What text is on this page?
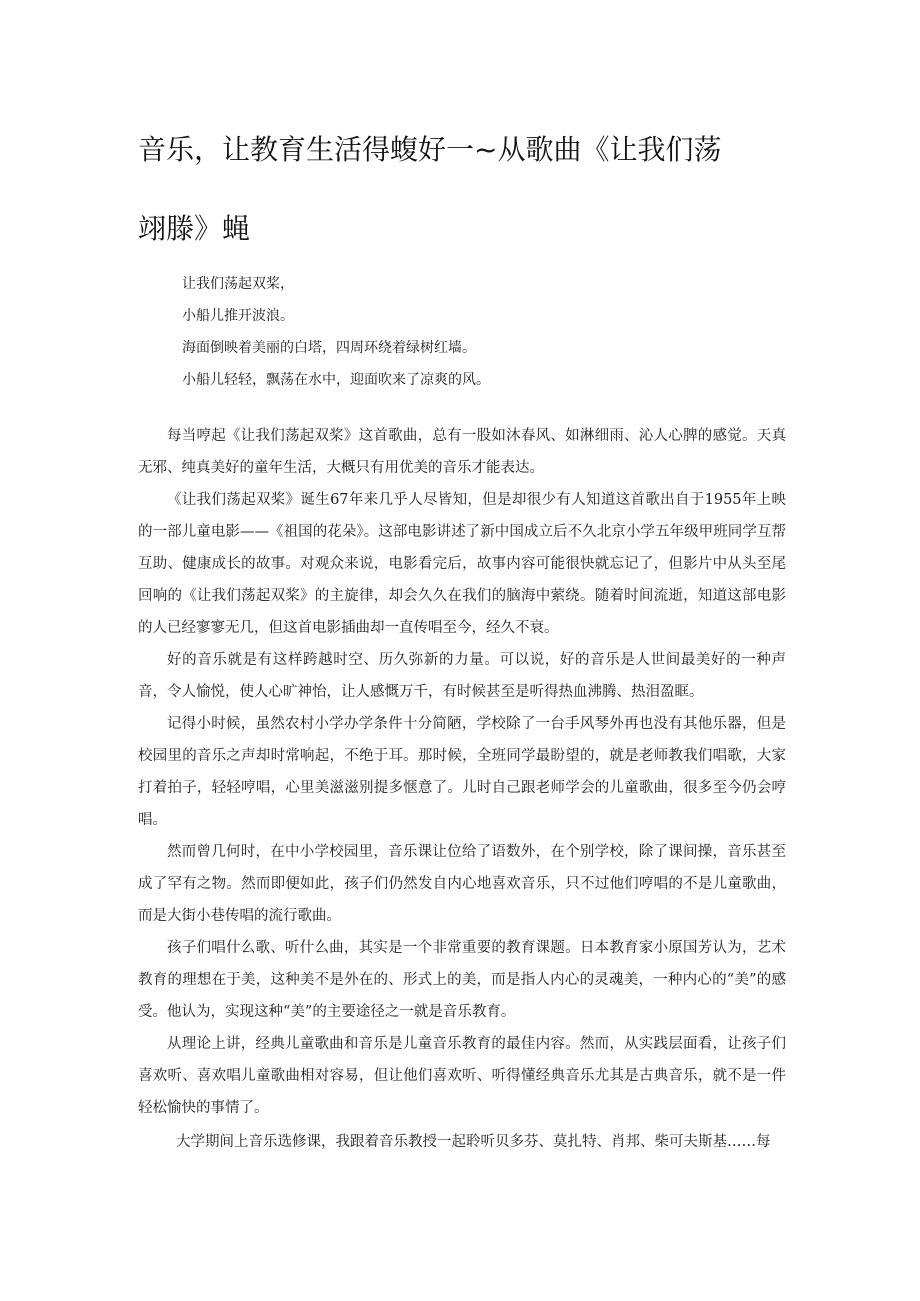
音乐，让教育生活得蝮好一~从歌曲《让我们荡
翊滕》蝇
让我们荡起双桨，
小船儿推开波浪。
海面倒映着美丽的白塔，四周环绕着绿树红墙。
小船儿轻轻，飘荡在水中，迎面吹来了凉爽的风。

每当哼起《让我们荡起双桨》这首歌曲，总有一股如沐春风、如淋细雨、沁人心脾的感觉。天真无邪、纯真美好的童年生活，大概只有用优美的音乐才能表达。

《让我们荡起双桨》诞生67年来几乎人尽皆知，但是却很少有人知道这首歌出自于1955年上映的一部儿童电影——《祖国的花朵》。这部电影讲述了新中国成立后不久北京小学五年级甲班同学互帮互助、健康成长的故事。对观众来说，电影看完后，故事内容可能很快就忘记了，但影片中从头至尾回响的《让我们荡起双桨》的主旋律，却会久久在我们的脑海中萦绕。随着时间流逝，知道这部电影的人已经寥寥无几，但这首电影插曲却一直传唱至今，经久不衰。

好的音乐就是有这样跨越时空、历久弥新的力量。可以说，好的音乐是人世间最美好的一种声音，令人愉悦，使人心旷神怡，让人感慨万千，有时候甚至是听得热血沸腾、热泪盈眶。

记得小时候，虽然农村小学办学条件十分简陋，学校除了一台手风琴外再也没有其他乐器，但是校园里的音乐之声却时常响起，不绝于耳。那时候，全班同学最盼望的，就是老师教我们唱歌，大家打着拍子，轻轻哼唱，心里美滋滋别提多惬意了。儿时自己跟老师学会的儿童歌曲，很多至今仍会哼唱。

然而曾几何时，在中小学校园里，音乐课让位给了语数外，在个别学校，除了课间操，音乐甚至成了罕有之物。然而即便如此，孩子们仍然发自内心地喜欢音乐，只不过他们哼唱的不是儿童歌曲，而是大街小巷传唱的流行歌曲。

孩子们唱什么歌、听什么曲，其实是一个非常重要的教育课题。日本教育家小原国芳认为，艺术教育的理想在于美，这种美不是外在的、形式上的美，而是指人内心的灵魂美，一种内心的“美”的感受。他认为，实现这种“美”的主要途径之一就是音乐教育。

从理论上讲，经典儿童歌曲和音乐是儿童音乐教育的最佳内容。然而，从实践层面看，让孩子们喜欢听、喜欢唱儿童歌曲相对容易，但让他们喜欢听、听得懂经典音乐尤其是古典音乐，就不是一件轻松愉快的事情了。

大学期间上音乐选修课，我跟着音乐教授一起聆听贝多芬、莫扎特、肖邦、柴可夫斯基……每
